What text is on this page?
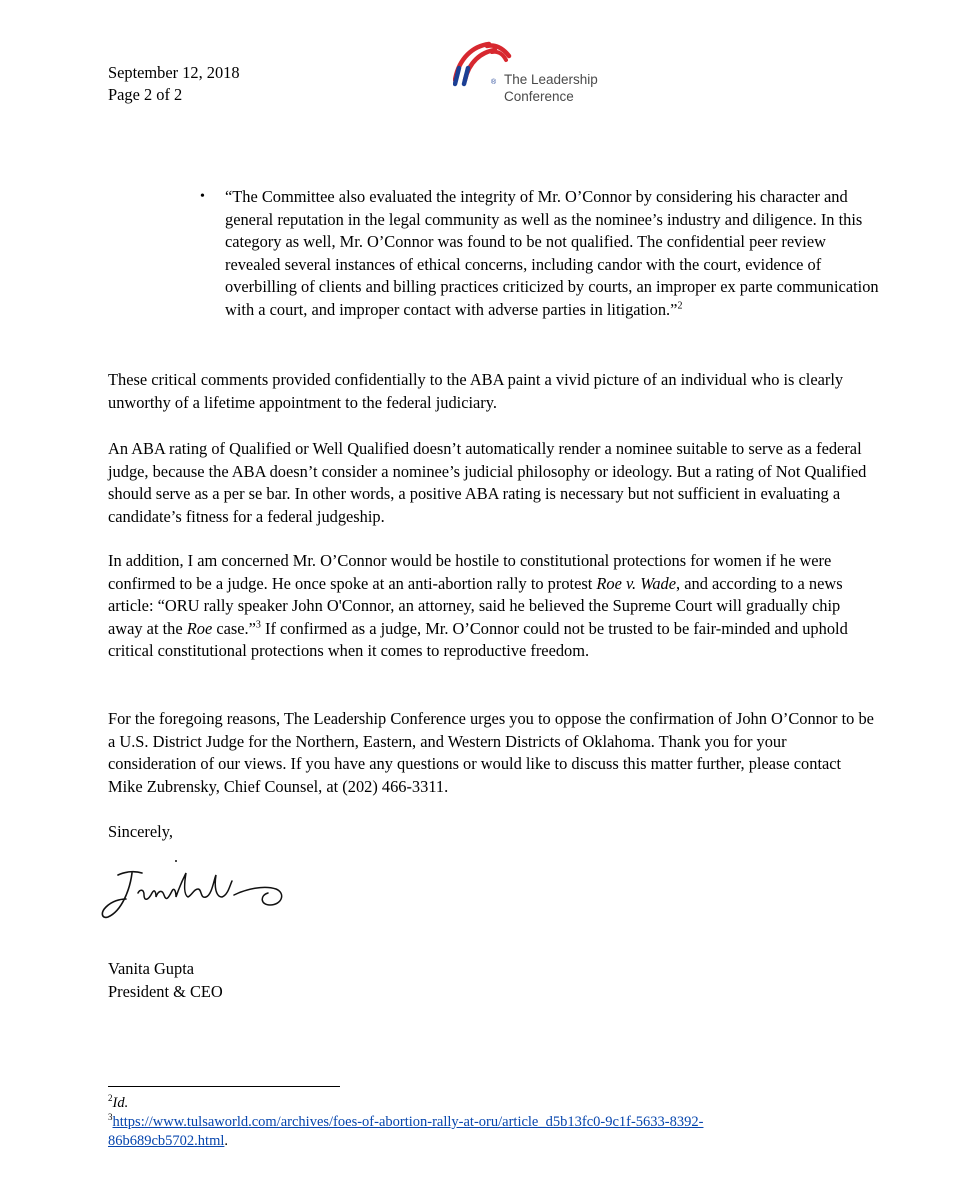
September 12, 2018
Page 2 of 2
® The Leadership
Conference
• “The Committee also evaluated the integrity of Mr. O’Connor by considering his character and general reputation in the legal community as well as the nominee’s industry and diligence. In this category as well, Mr. O’Connor was found to be not qualified. The confidential peer review revealed several instances of ethical concerns, including candor with the court, evidence of overbilling of clients and billing practices criticized by courts, an improper ex parte communication with a court, and improper contact with adverse parties in litigation.”$^2$

These critical comments provided confidentially to the ABA paint a vivid picture of an individual who is clearly unworthy of a lifetime appointment to the federal judiciary.

An ABA rating of Qualified or Well Qualified doesn’t automatically render a nominee suitable to serve as a federal judge, because the ABA doesn’t consider a nominee’s judicial philosophy or ideology. But a rating of Not Qualified should serve as a per se bar. In other words, a positive ABA rating is necessary but not sufficient in evaluating a candidate’s fitness for a federal judgeship.

In addition, I am concerned Mr. O’Connor would be hostile to constitutional protections for women if he were confirmed to be a judge. He once spoke at an anti-abortion rally to protest Roe v. Wade, and according to a news article: “ORU rally speaker John O'Connor, an attorney, said he believed the Supreme Court will gradually chip away at the Roe case.”$^3$ If confirmed as a judge, Mr. O’Connor could not be trusted to be fair-minded and uphold critical constitutional protections when it comes to reproductive freedom.

For the foregoing reasons, The Leadership Conference urges you to oppose the confirmation of John O’Connor to be a U.S. District Judge for the Northern, Eastern, and Western Districts of Oklahoma. Thank you for your consideration of our views. If you have any questions or would like to discuss this matter further, please contact Mike Zubrensky, Chief Counsel, at (202) 466-3311.

Sincerely,

Vanita Gupta
President & CEO
$^2$Id.
$^3$https://www.tulsaworld.com/archives/foes-of-abortion-rally-at-oru/article_d5b13fc0-9c1f-5633-8392-86b689cb5702.html.
